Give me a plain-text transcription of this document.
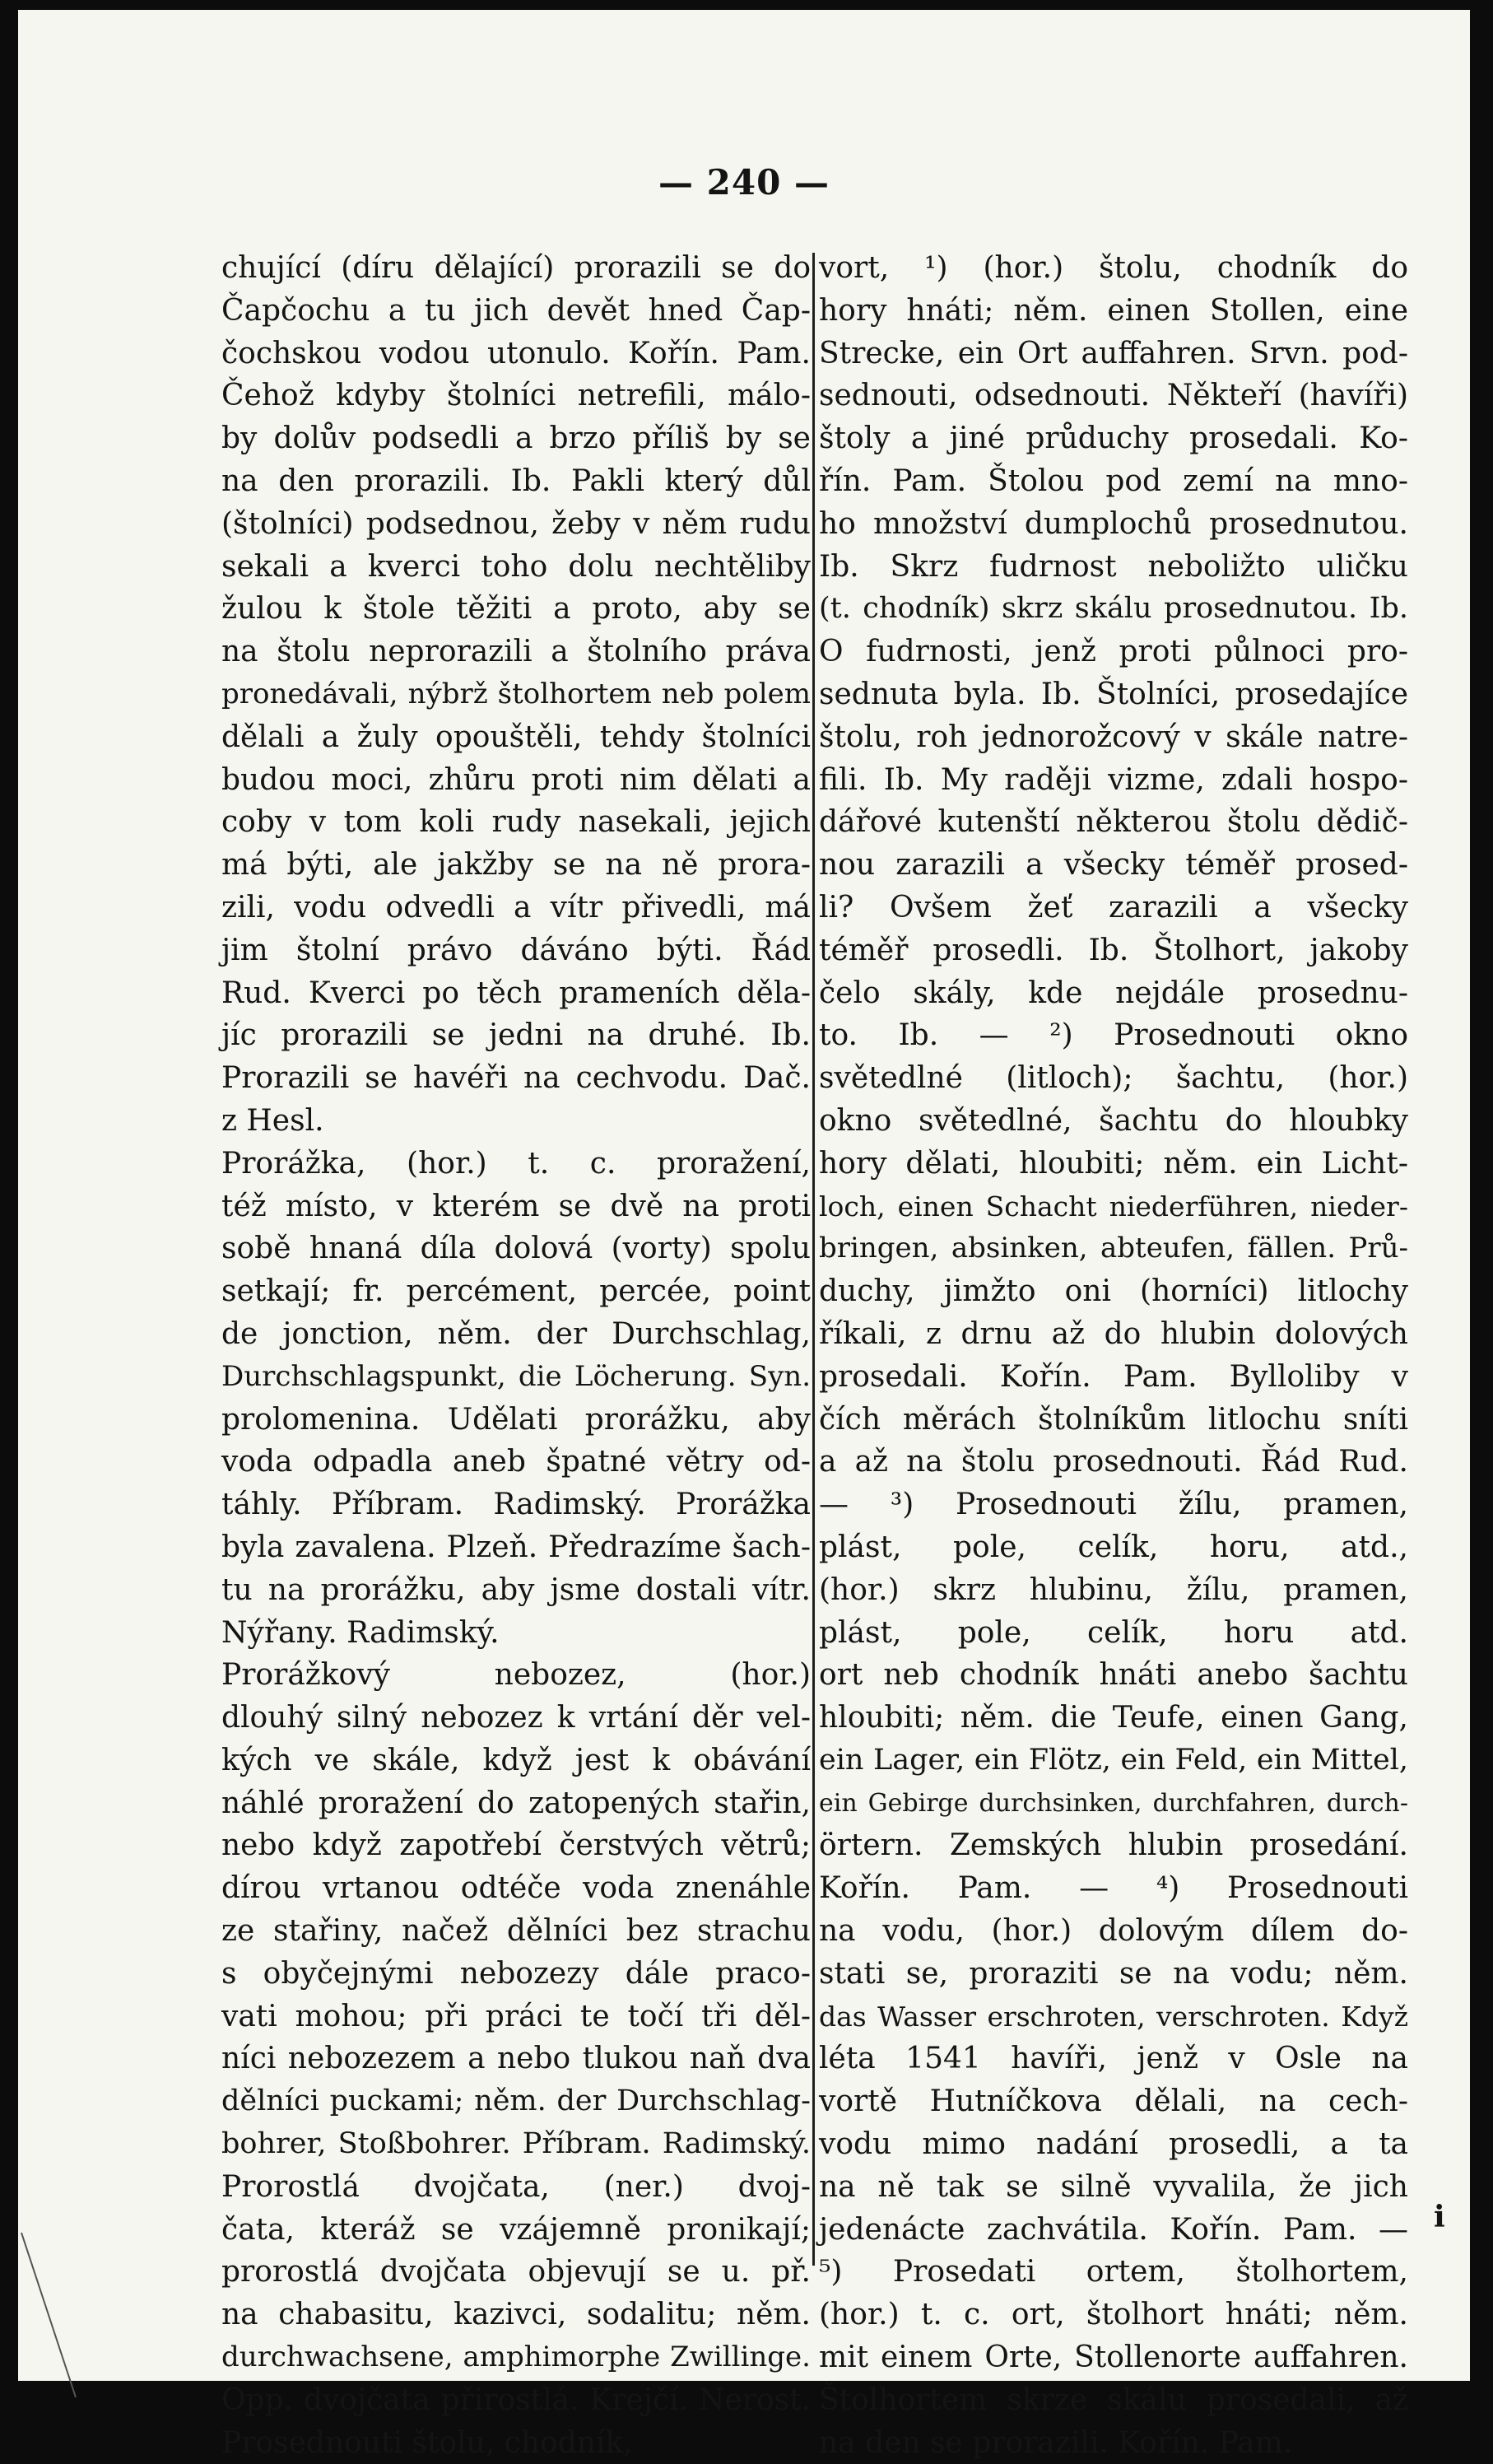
— 240 —
chující (díru dělající) prorazili se do
Čapčochu a tu jich devět hned Čap-
čochskou vodou utonulo. Kořín. Pam.
Čehož kdyby štolníci netrefili, málo-
by dolův podsedli a brzo příliš by se
na den prorazili. Ib. Pakli který důl
(štolníci) podsednou, žeby v něm rudu
sekali a kverci toho dolu nechtěliby
žulou k štole těžiti a proto, aby se
na štolu neprorazili a štolního práva
pronedávali, nýbrž štolhortem neb polem
dělali a žuly opouštěli, tehdy štolníci
budou moci, zhůru proti nim dělati a
coby v tom koli rudy nasekali, jejich
má býti, ale jakžby se na ně prora-
zili, vodu odvedli a vítr přivedli, má
jim štolní právo dáváno býti. Řád
Rud. Kverci po těch prameních děla-
jíc prorazili se jedni na druhé. Ib.
Prorazili se havéři na cechvodu. Dač.
z Hesl.
Prorážka, (hor.) t. c. proražení,
též místo, v kterém se dvě na proti
sobě hnaná díla dolová (vorty) spolu
setkají; fr. percément, percée, point
de jonction, něm. der Durchschlag,
Durchschlagspunkt, die Löcherung. Syn.
prolomenina. Udělati prorážku, aby
voda odpadla aneb špatné větry od-
táhly. Příbram. Radimský. Prorážka
byla zavalena. Plzeň. Předrazíme šach-
tu na prorážku, aby jsme dostali vítr.
Nýřany. Radimský.
Prorážkový nebozez, (hor.)
dlouhý silný nebozez k vrtání děr vel-
kých ve skále, když jest k obávání
náhlé proražení do zatopených stařin,
nebo když zapotřebí čerstvých větrů;
dírou vrtanou odtéče voda znenáhle
ze stařiny, načež dělníci bez strachu
s obyčejnými nebozezy dále praco-
vati mohou; při práci te točí tři děl-
níci nebozezem a nebo tlukou naň dva
dělníci puckami; něm. der Durchschlag-
bohrer, Stoßbohrer. Příbram. Radimský.
Prorostlá dvojčata, (ner.) dvoj-
čata, kteráž se vzájemně pronikají;
prorostlá dvojčata objevují se u. př.
na chabasitu, kazivci, sodalitu; něm.
durchwachsene, amphimorphe Zwillinge.
Opp. dvojčata přirostlá. Krejčí. Nerost.
Prosednouti štolu, chodník,
vort, ¹) (hor.) štolu, chodník do
hory hnáti; něm. einen Stollen, eine
Strecke, ein Ort auffahren. Srvn. pod-
sednouti, odsednouti. Někteří (havíři)
štoly a jiné průduchy prosedali. Ko-
řín. Pam. Štolou pod zemí na mno-
ho množství dumplochů prosednutou.
Ib. Skrz fudrnost neboližto uličku
(t. chodník) skrz skálu prosednutou. Ib.
O fudrnosti, jenž proti půlnoci pro-
sednuta byla. Ib. Štolníci, prosedajíce
štolu, roh jednorožcový v skále natre-
fili. Ib. My raději vizme, zdali hospo-
dářové kutenští některou štolu dědič-
nou zarazili a všecky téměř prosed-
li? Ovšem žeť zarazili a všecky
téměř prosedli. Ib. Štolhort, jakoby
čelo skály, kde nejdále prosednu-
to. Ib. — ²) Prosednouti okno
světedlné (litloch); šachtu, (hor.)
okno světedlné, šachtu do hloubky
hory dělati, hloubiti; něm. ein Licht-
loch, einen Schacht niederführen, nieder-
bringen, absinken, abteufen, fällen. Prů-
duchy, jimžto oni (horníci) litlochy
říkali, z drnu až do hlubin dolových
prosedali. Kořín. Pam. Bylloliby v
čích měrách štolníkům litlochu sníti
a až na štolu prosednouti. Řád Rud.
— ³) Prosednouti žílu, pramen,
plást, pole, celík, horu, atd.,
(hor.) skrz hlubinu, žílu, pramen,
plást, pole, celík, horu atd.
ort neb chodník hnáti anebo šachtu
hloubiti; něm. die Teufe, einen Gang,
ein Lager, ein Flötz, ein Feld, ein Mittel,
ein Gebirge durchsinken, durchfahren, durch-
örtern. Zemských hlubin prosedání.
Kořín. Pam. — ⁴) Prosednouti
na vodu, (hor.) dolovým dílem do-
stati se, proraziti se na vodu; něm.
das Wasser erschroten, verschroten. Když
léta 1541 havíři, jenž v Osle na
vortě Hutníčkova dělali, na cech-
vodu mimo nadání prosedli, a ta
na ně tak se silně vyvalila, že jich
jedenácte zachvátila. Kořín. Pam. —
⁵) Prosedati ortem, štolhortem,
(hor.) t. c. ort, štolhort hnáti; něm.
mit einem Orte, Stollenorte auffahren.
Štolhortem skrze skálu prosedali, až
na den se prorazili. Kořín. Pam.
i
